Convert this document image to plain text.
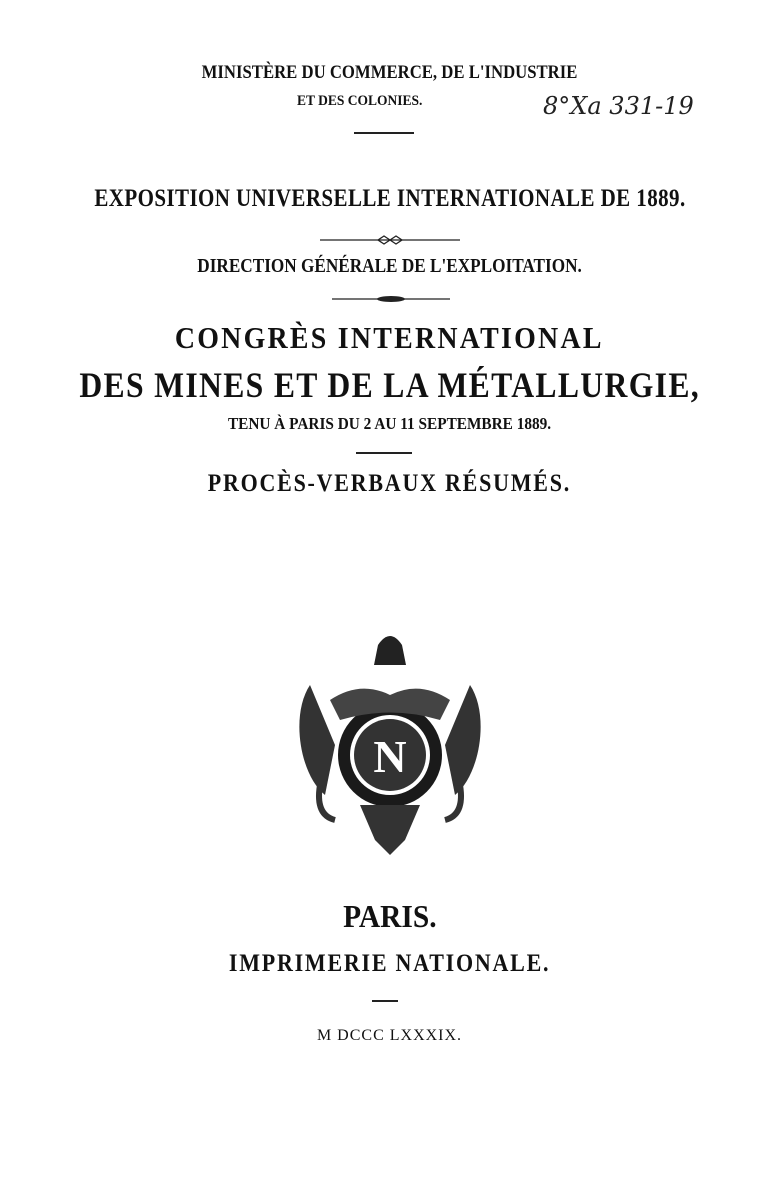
MINISTÈRE DU COMMERCE, DE L'INDUSTRIE
ET DES COLONIES.	8°Xa 331-19
EXPOSITION UNIVERSELLE INTERNATIONALE DE 1889.
DIRECTION GÉNÉRALE DE L'EXPLOITATION.
CONGRÈS INTERNATIONAL
DES MINES ET DE LA MÉTALLURGIE,
TENU À PARIS DU 2 AU 11 SEPTEMBRE 1889.
PROCÈS-VERBAUX RÉSUMÉS.
N
PARIS.
IMPRIMERIE NATIONALE.
M DCCC LXXXIX.
